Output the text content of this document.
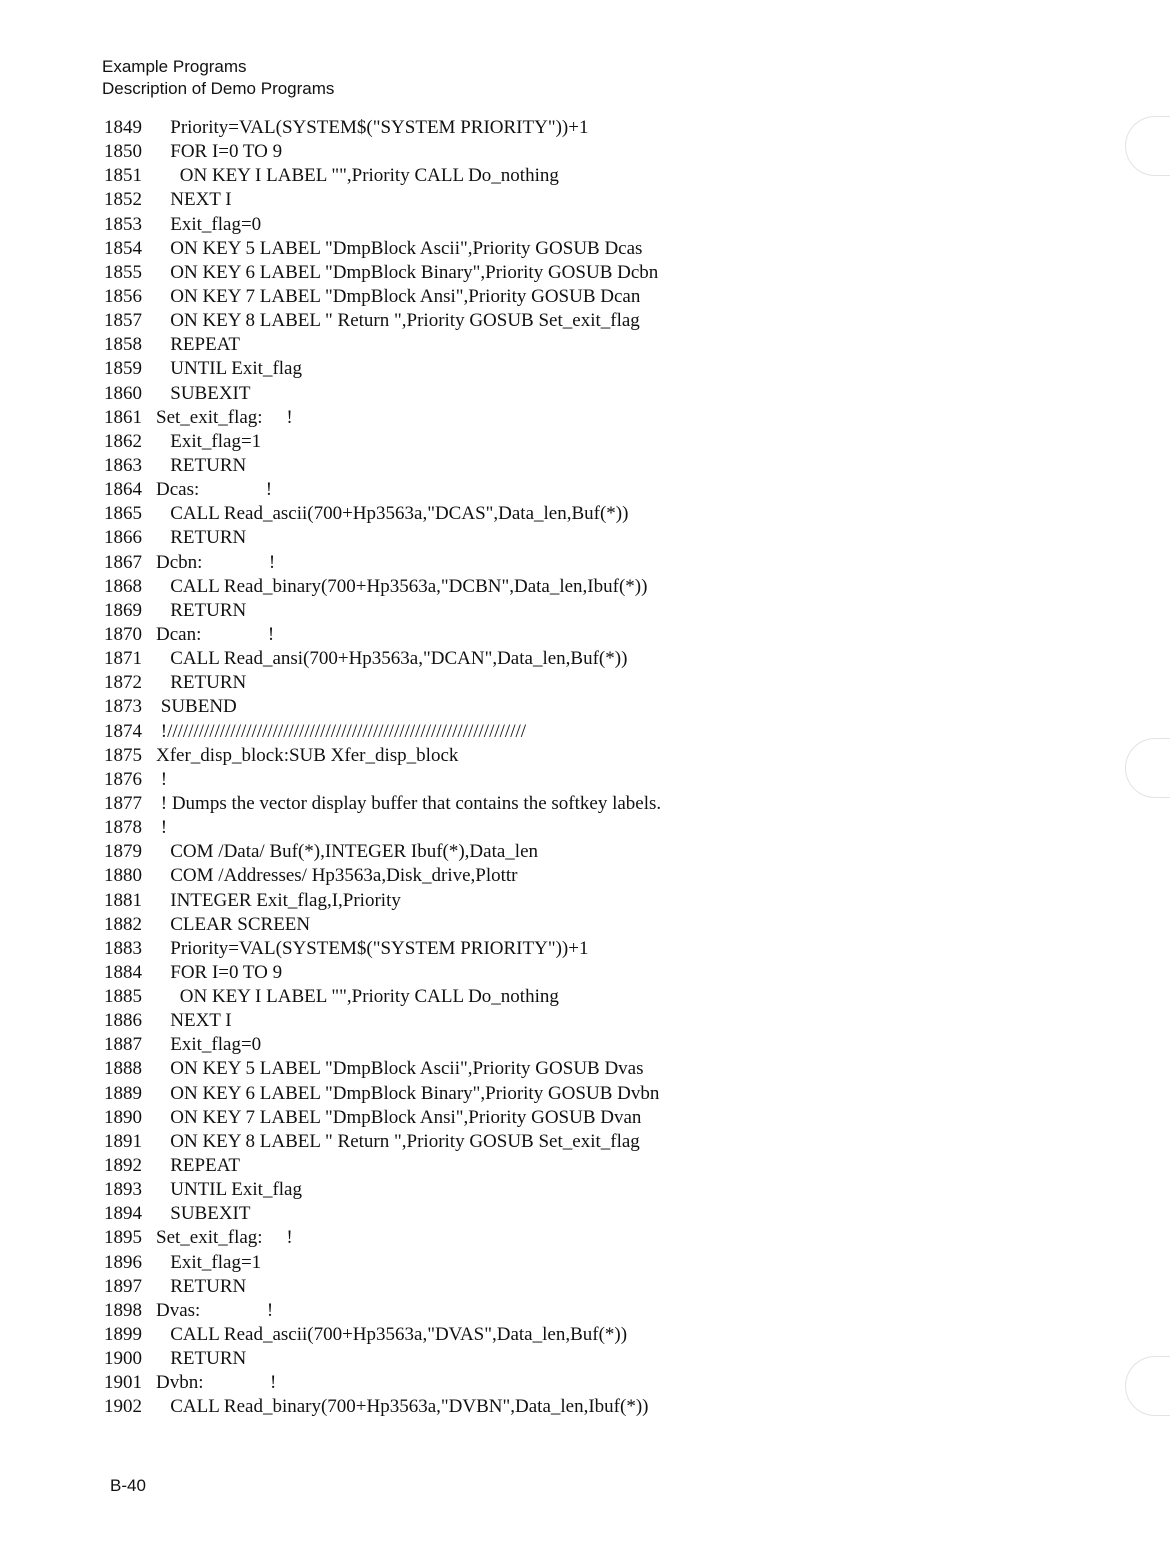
Example Programs
Description of Demo Programs
1849   Priority=VAL(SYSTEM$("SYSTEM PRIORITY"))+1
1850   FOR I=0 TO 9
1851     ON KEY I LABEL "",Priority CALL Do_nothing
1852   NEXT I
1853   Exit_flag=0
1854   ON KEY 5 LABEL "DmpBlock Ascii",Priority GOSUB Dcas
1855   ON KEY 6 LABEL "DmpBlock Binary",Priority GOSUB Dcbn
1856   ON KEY 7 LABEL "DmpBlock Ansi",Priority GOSUB Dcan
1857   ON KEY 8 LABEL " Return ",Priority GOSUB Set_exit_flag
1858   REPEAT
1859   UNTIL Exit_flag
1860   SUBEXIT
1861 Set_exit_flag:     !
1862   Exit_flag=1
1863   RETURN
1864 Dcas:              !
1865   CALL Read_ascii(700+Hp3563a,"DCAS",Data_len,Buf(*))
1866   RETURN
1867 Dcbn:              !
1868   CALL Read_binary(700+Hp3563a,"DCBN",Data_len,Ibuf(*))
1869   RETURN
1870 Dcan:              !
1871   CALL Read_ansi(700+Hp3563a,"DCAN",Data_len,Buf(*))
1872   RETURN
1873 SUBEND
1874 !////////////////////////////////////////////////////////////////////
1875 Xfer_disp_block:SUB Xfer_disp_block
1876 !
1877 ! Dumps the vector display buffer that contains the softkey labels.
1878 !
1879   COM /Data/ Buf(*),INTEGER Ibuf(*),Data_len
1880   COM /Addresses/ Hp3563a,Disk_drive,Plottr
1881   INTEGER Exit_flag,I,Priority
1882   CLEAR SCREEN
1883   Priority=VAL(SYSTEM$("SYSTEM PRIORITY"))+1
1884   FOR I=0 TO 9
1885     ON KEY I LABEL "",Priority CALL Do_nothing
1886   NEXT I
1887   Exit_flag=0
1888   ON KEY 5 LABEL "DmpBlock Ascii",Priority GOSUB Dvas
1889   ON KEY 6 LABEL "DmpBlock Binary",Priority GOSUB Dvbn
1890   ON KEY 7 LABEL "DmpBlock Ansi",Priority GOSUB Dvan
1891   ON KEY 8 LABEL " Return ",Priority GOSUB Set_exit_flag
1892   REPEAT
1893   UNTIL Exit_flag
1894   SUBEXIT
1895 Set_exit_flag:     !
1896   Exit_flag=1
1897   RETURN
1898 Dvas:              !
1899   CALL Read_ascii(700+Hp3563a,"DVAS",Data_len,Buf(*))
1900   RETURN
1901 Dvbn:              !
1902   CALL Read_binary(700+Hp3563a,"DVBN",Data_len,Ibuf(*))
B-40
